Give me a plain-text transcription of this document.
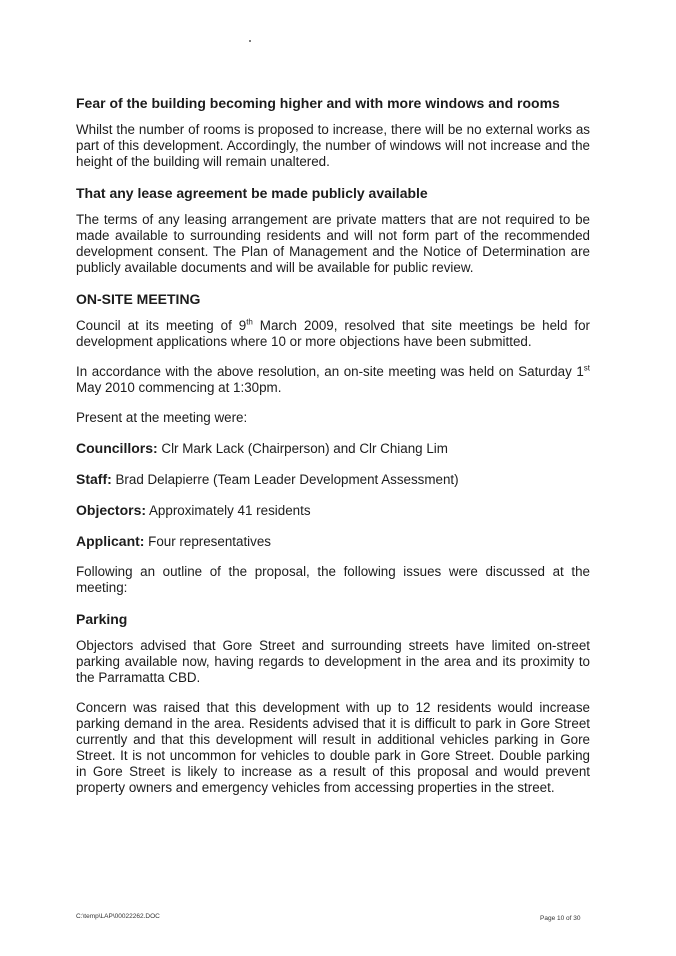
Fear of the building becoming higher and with more windows and rooms

Whilst the number of rooms is proposed to increase, there will be no external works as part of this development. Accordingly, the number of windows will not increase and the height of the building will remain unaltered.

That any lease agreement be made publicly available

The terms of any leasing arrangement are private matters that are not required to be made available to surrounding residents and will not form part of the recommended development consent. The Plan of Management and the Notice of Determination are publicly available documents and will be available for public review.

ON-SITE MEETING

Council at its meeting of 9th March 2009, resolved that site meetings be held for development applications where 10 or more objections have been submitted.

In accordance with the above resolution, an on-site meeting was held on Saturday 1st May 2010 commencing at 1:30pm.

Present at the meeting were:

Councillors: Clr Mark Lack (Chairperson) and Clr Chiang Lim

Staff: Brad Delapierre (Team Leader Development Assessment)

Objectors: Approximately 41 residents

Applicant: Four representatives

Following an outline of the proposal, the following issues were discussed at the meeting:

Parking

Objectors advised that Gore Street and surrounding streets have limited on-street parking available now, having regards to development in the area and its proximity to the Parramatta CBD.

Concern was raised that this development with up to 12 residents would increase parking demand in the area. Residents advised that it is difficult to park in Gore Street currently and that this development will result in additional vehicles parking in Gore Street. It is not uncommon for vehicles to double park in Gore Street. Double parking in Gore Street is likely to increase as a result of this proposal and would prevent property owners and emergency vehicles from accessing properties in the street.

C:\temp\LAP\00022262.DOC	Page 10 of 30
